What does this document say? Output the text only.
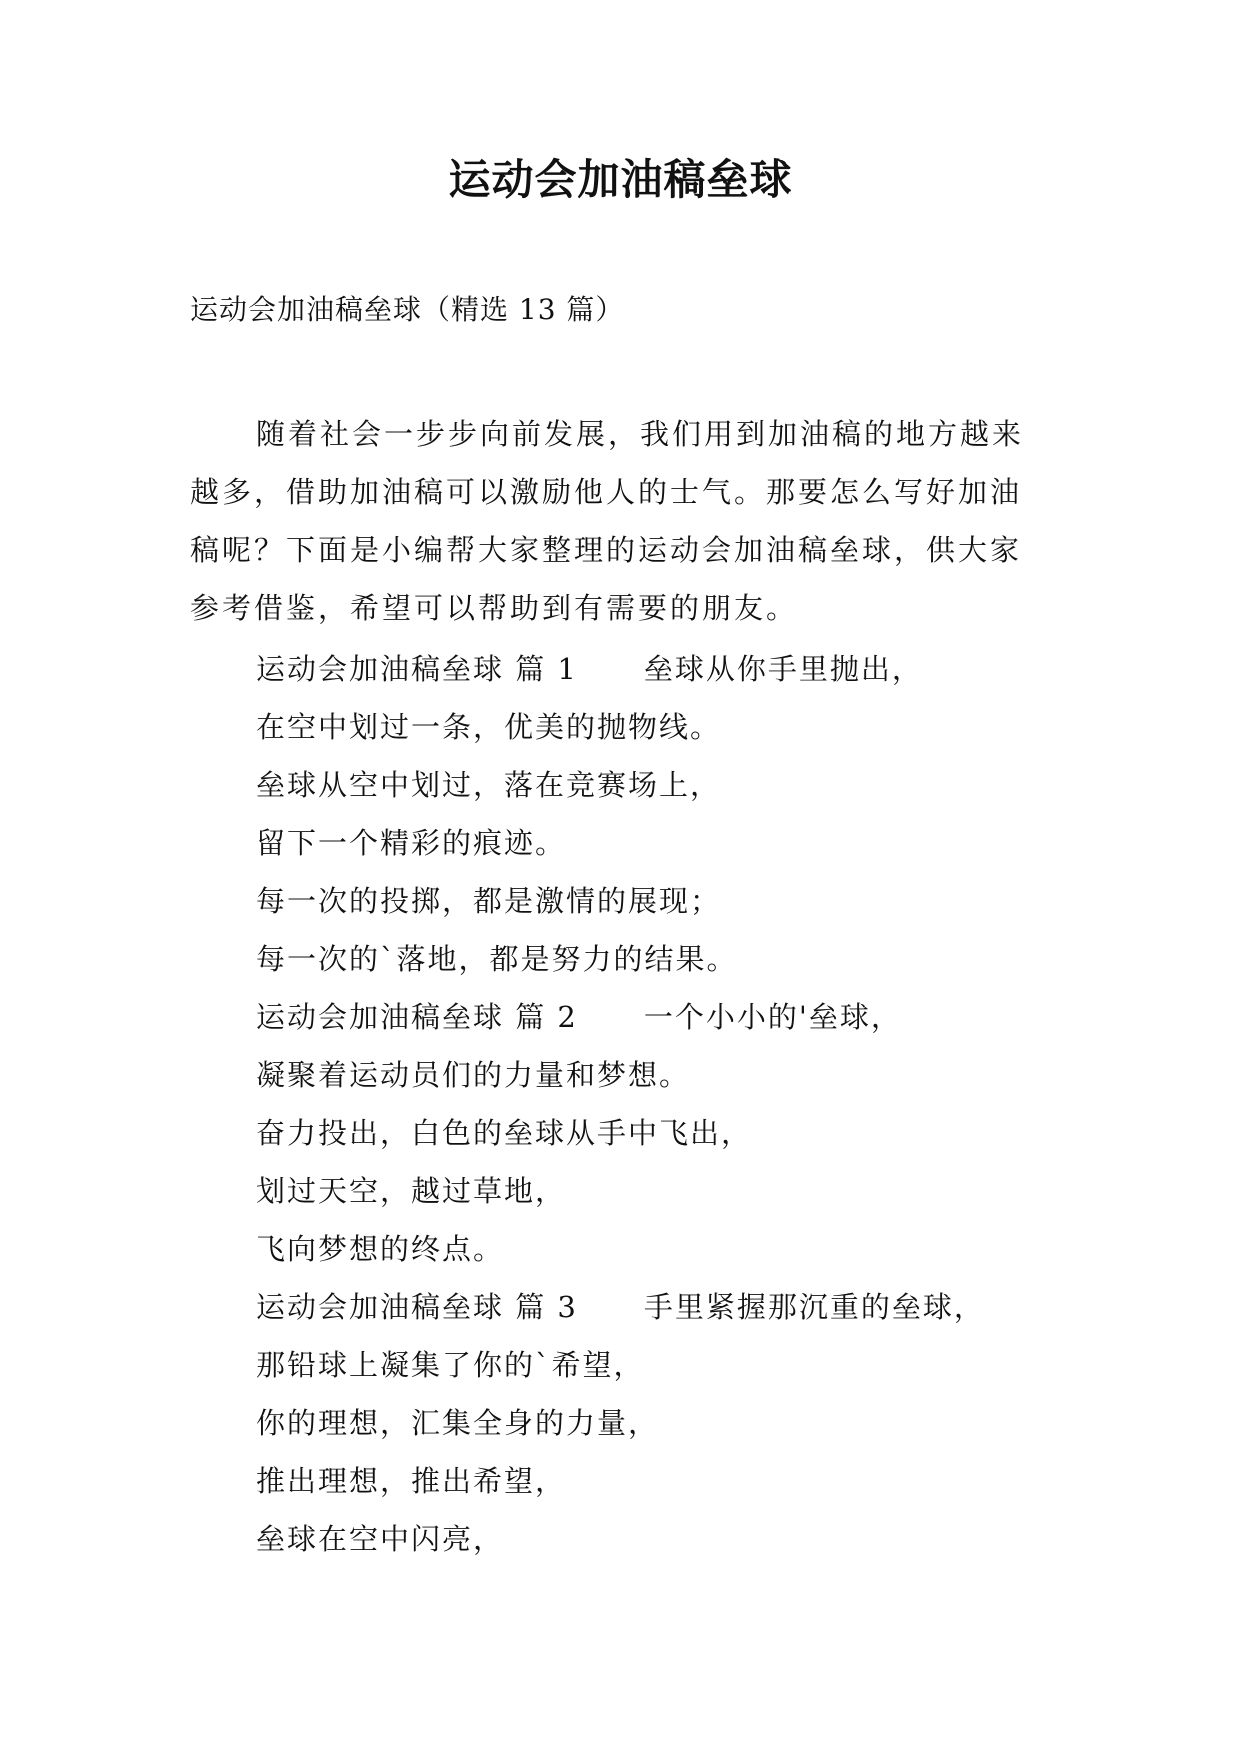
运动会加油稿垒球
运动会加油稿垒球（精选 13 篇）
随着社会一步步向前发展，我们用到加油稿的地方越来越多，借助加油稿可以激励他人的士气。那要怎么写好加油稿呢？下面是小编帮大家整理的运动会加油稿垒球，供大家参考借鉴，希望可以帮助到有需要的朋友。
运动会加油稿垒球 篇 1 垒球从你手里抛出，
在空中划过一条，优美的抛物线。
垒球从空中划过，落在竞赛场上，
留下一个精彩的痕迹。
每一次的投掷，都是激情的展现；
每一次的`落地，都是努力的结果。
运动会加油稿垒球 篇 2 一个小小的'垒球，
凝聚着运动员们的力量和梦想。
奋力投出，白色的垒球从手中飞出，
划过天空，越过草地，
飞向梦想的终点。
运动会加油稿垒球 篇 3 手里紧握那沉重的垒球，
那铅球上凝集了你的`希望，
你的理想，汇集全身的力量，
推出理想，推出希望，
垒球在空中闪亮，
